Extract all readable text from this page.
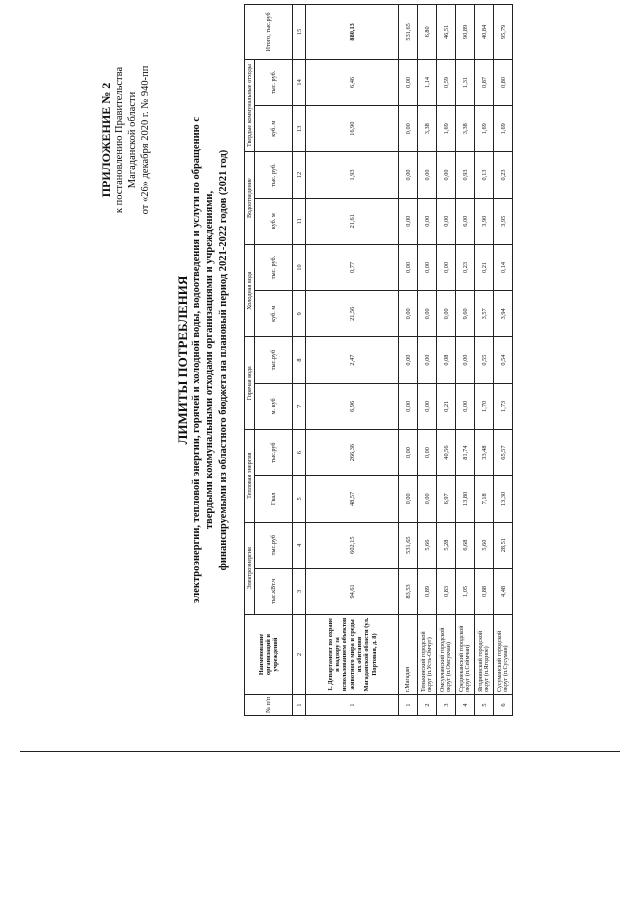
ПРИЛОЖЕНИЕ № 2 к постановлению Правительства Магаданской области от «26» декабря 2020 г. № 940-пп
ЛИМИТЫ ПОТРЕБЛЕНИЯ электроэнергии, тепловой энергии, горячей и холодной воды, водоотведения и услуги по обращению с твердыми коммунальными отходами организациями и учреждениями, финансируемыми из областного бюджета на плановый период 2021-2022 годов (2021 год)
№ п/п	Наименование организаций и учреждений	Электроэнергия		Тепловая энергия		Горячая вода		Холодная вода		Водоотведение		Твердые коммунальные отходы		Итого, тыс.руб
		тыс.кВт.ч	тыс.руб	Гкал	тыс.руб	м. куб	тыс.руб	куб. м	тыс. руб.	куб. м	тыс. руб.	куб. м	тыс. руб.	
1	2	3	4	5	6	7	8	9	10	11	12	13	14	15
1	1. Департамент по охране и надзору за использованием объектов животного мира и среды их обитания Магаданской области (ул. Портовая, д. 8)	94,61	602,15	48,57	266,36	6,96	2,47	21,56	0,77	21,61	1,93	16,90	6,46	880,13
1	г.Магадан	83,53	531,65	0,00	0,00	0,00	0,00	0,00	0,00	0,00	0,00	0,00	0,00	531,65
2	Тенькинский городской округ (п.Усть-Омчуг)	0,89	5,66	0,00	0,00	0,00	0,00	0,00	0,00	0,00	0,00	3,38	1,14	6,80
3	Омсукчанский городской округ (п.Омсукчан)	0,83	5,28	6,97	40,56	0,21	0,08	0,00	0,00	0,00	0,00	1,69	0,59	46,51
4	Среднеканский городской округ (п.Сеймчан)	1,05	6,68	13,80	81,74	0,00	0,00	9,60	0,23	6,00	0,93	3,38	1,31	90,89
5	Ягоднинский городской округ (п.Ягодное)	0,88	5,60	7,18	33,48	1,70	0,55	3,57	0,21	3,90	0,13	1,69	0,87	40,84
6	Сусуманский городской округ (п.Сусуман)	4,48	28,51	13,30	65,57	1,73	0,54	3,94	0,14	3,95	0,23	1,69	0,80	95,79
